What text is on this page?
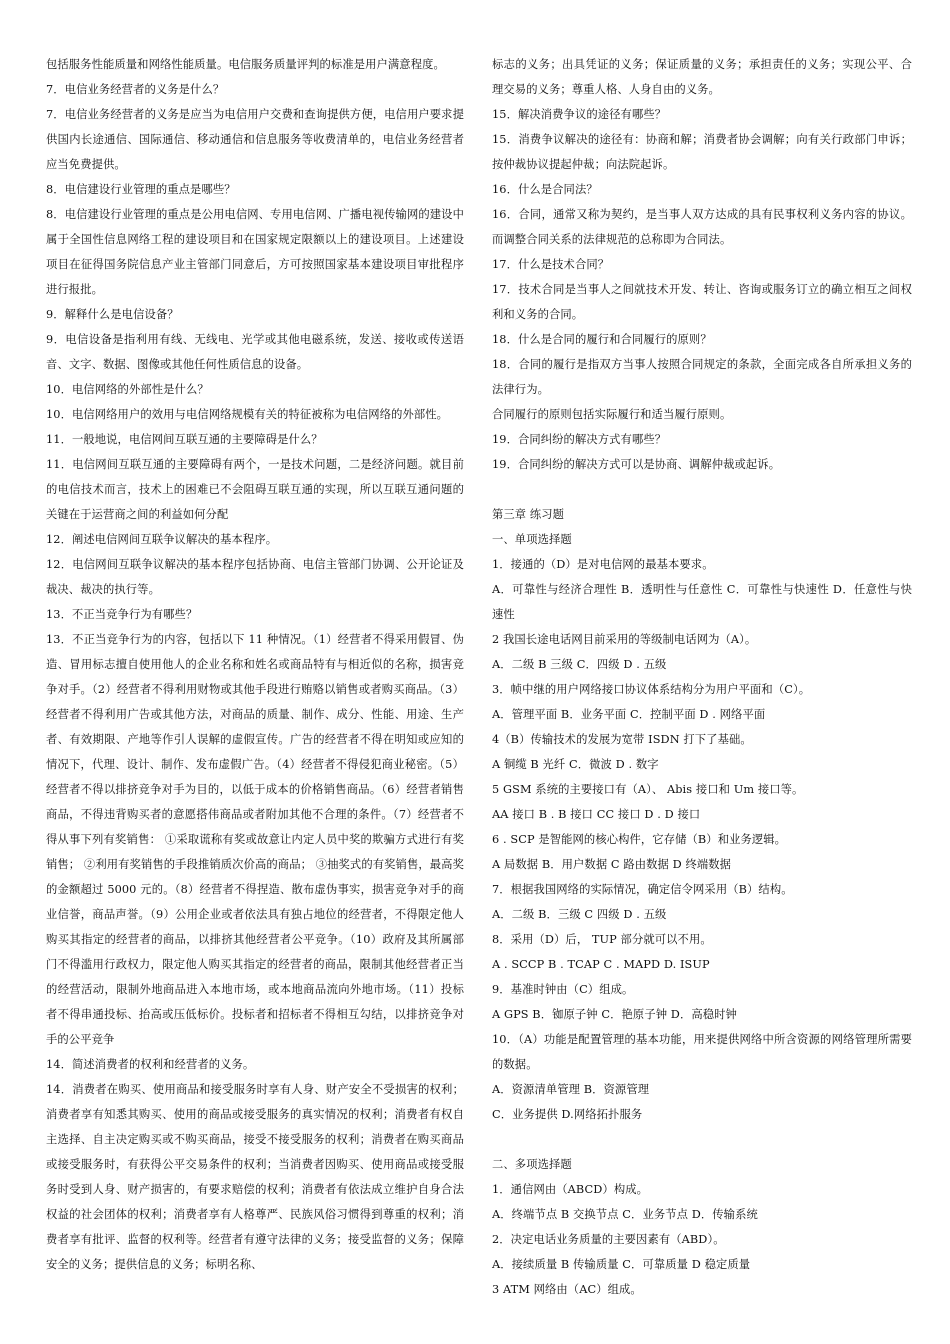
包括服务性能质量和网络性能质量。电信服务质量评判的标准是用户满意程度。

7．电信业务经营者的义务是什么？

7．电信业务经营者的义务是应当为电信用户交费和查询提供方便，电信用户要求提供国内长途通信、国际通信、移动通信和信息服务等收费清单的，电信业务经营者应当免费提供。

8．电信建设行业管理的重点是哪些？

8．电信建设行业管理的重点是公用电信网、专用电信网、广播电视传输网的建设中属于全国性信息网络工程的建设项目和在国家规定限额以上的建设项目。上述建设项目在征得国务院信息产业主管部门同意后，方可按照国家基本建设项目审批程序进行报批。

9．解释什么是电信设备？

9．电信设备是指利用有线、无线电、光学或其他电磁系统，发送、接收或传送语音、文字、数据、图像或其他任何性质信息的设备。

10．电信网络的外部性是什么？

10．电信网络用户的效用与电信网络规模有关的特征被称为电信网络的外部性。

11．一般地说，电信网间互联互通的主要障碍是什么？

11．电信网间互联互通的主要障碍有两个，一是技术问题，二是经济问题。就目前的电信技术而言，技术上的困难已不会阻碍互联互通的实现，所以互联互通问题的关键在于运营商之间的利益如何分配

12．阐述电信网间互联争议解决的基本程序。

12．电信网间互联争议解决的基本程序包括协商、电信主管部门协调、公开论证及裁决、裁决的执行等。

13．不正当竞争行为有哪些？

13．不正当竞争行为的内容，包括以下 11 种情况。（1）经营者不得采用假冒、伪造、冒用标志擅自使用他人的企业名称和姓名或商品特有与相近似的名称，损害竞争对手。（2）经营者不得利用财物或其他手段进行贿赂以销售或者购买商品。（3）经营者不得利用广告或其他方法，对商品的质量、制作、成分、性能、用途、生产者、有效期限、产地等作引人误解的虚假宣传。广告的经营者不得在明知或应知的情况下，代理、设计、制作、发布虚假广告。（4）经营者不得侵犯商业秘密。（5）经营者不得以排挤竞争对手为目的，以低于成本的价格销售商品。（6）经营者销售商品，不得违背购买者的意愿搭伟商品或者附加其他不合理的条件。（7）经营者不得从事下列有奖销售： ①采取谎称有奖或故意让内定人员中奖的欺骗方式进行有奖销售； ②利用有奖销售的手段推销质次价高的商品； ③抽奖式的有奖销售，最高奖的金额超过 5000 元的。（8）经营者不得捏造、散布虚伪事实，损害竞争对手的商业信誉，商品声誉。（9）公用企业或者依法具有独占地位的经营者，不得限定他人购买其指定的经营者的商品，以排挤其他经营者公平竞争。（10）政府及其所属部门不得滥用行政权力，限定他人购买其指定的经营者的商品，限制其他经营者正当的经营活动，限制外地商品进入本地市场，或本地商品流向外地市场。（11）投标者不得串通投标、抬高或压低标价。投标者和招标者不得相互勾结，以排挤竞争对手的公平竞争

14．简述消费者的权利和经营者的义务。

14．消费者在购买、使用商品和接受服务时享有人身、财产安全不受损害的权利；消费者享有知悉其购买、使用的商品或接受服务的真实情况的权利；消费者有权自主选择、自主决定购买或不购买商品，接受不接受服务的权利；消费者在购买商品或接受服务时，有获得公平交易条件的权利；当消费者因购买、使用商品或接受服务时受到人身、财产损害的，有要求赔偿的权利；消费者有依法成立维护自身合法权益的社会团体的权利；消费者享有人格尊严、民族风俗习惯得到尊重的权利；消费者享有批评、监督的权利等。经营者有遵守法律的义务；接受监督的义务；保障安全的义务；提供信息的义务；标明名称、

标志的义务；出具凭证的义务；保证质量的义务；承担责任的义务；实现公平、合理交易的义务；尊重人格、人身自由的义务。

15．解决消费争议的途径有哪些？

15．消费争议解决的途径有：协商和解；消费者协会调解；向有关行政部门申诉；按仲裁协议提起仲裁；向法院起诉。

16．什么是合同法？

16．合同，通常又称为契约，是当事人双方达成的具有民事权利义务内容的协议。而调整合同关系的法律规范的总称即为合同法。

17．什么是技术合同？

17．技术合同是当事人之间就技术开发、转让、咨询或服务订立的确立相互之间权利和义务的合同。

18．什么是合同的履行和合同履行的原则？

18．合同的履行是指双方当事人按照合同规定的条款，全面完成各自所承担义务的法律行为。

合同履行的原则包括实际履行和适当履行原则。

19．合同纠纷的解决方式有哪些？

19．合同纠纷的解决方式可以是协商、调解仲裁或起诉。

第三章 练习题

一、单项选择题

1．接通的（D）是对电信网的最基本要求。

A．可靠性与经济合理性 B．透明性与任意性 C．可靠性与快速性 D．任意性与快速性

2 我国长途电话网目前采用的等级制电话网为（A）。

A．二级 B 三级 C．四级 D . 五级

3．帧中继的用户网络接口协议体系结构分为用户平面和（C）。

A．管理平面 B．业务平面 C．控制平面 D . 网络平面

4（B）传输技术的发展为宽带 ISDN 打下了基础。

A 铜缆 B 光纤 C．微波 D . 数字

5 GSM 系统的主要接口有（A）、 Abis 接口和 Um 接口等。

AA 接口 B . B 接口 CC 接口 D . D 接口

6 . SCP 是智能网的核心构件，它存储（B）和业务逻辑。

A 局数据 B．用户数据 C 路由数据 D 终端数据

7．根据我国网络的实际情况，确定信令网采用（B）结构。

A．二级 B．三级 C 四级 D . 五级

8．采用（D）后， TUP 部分就可以不用。

A . SCCP B . TCAP C . MAPD D. ISUP

9．基准时钟由（C）组成。

A GPS B．铷原子钟 C．艳原子钟 D．高稳时钟

10．（A）功能是配置管理的基本功能，用来提供网络中所含资源的网络管理所需要的数据。

A．资源清单管理 B．资源管理

C．业务提供 D.网络拓扑服务

二、多项选择题

1．通信网由（ABCD）构成。

A．终端节点 B 交换节点 C．业务节点 D．传输系统

2．决定电话业务质量的主要因素有（ABD）。

A．接续质量 B 传输质量 C．可靠质量 D 稳定质量

3 ATM 网络由（AC）组成。
